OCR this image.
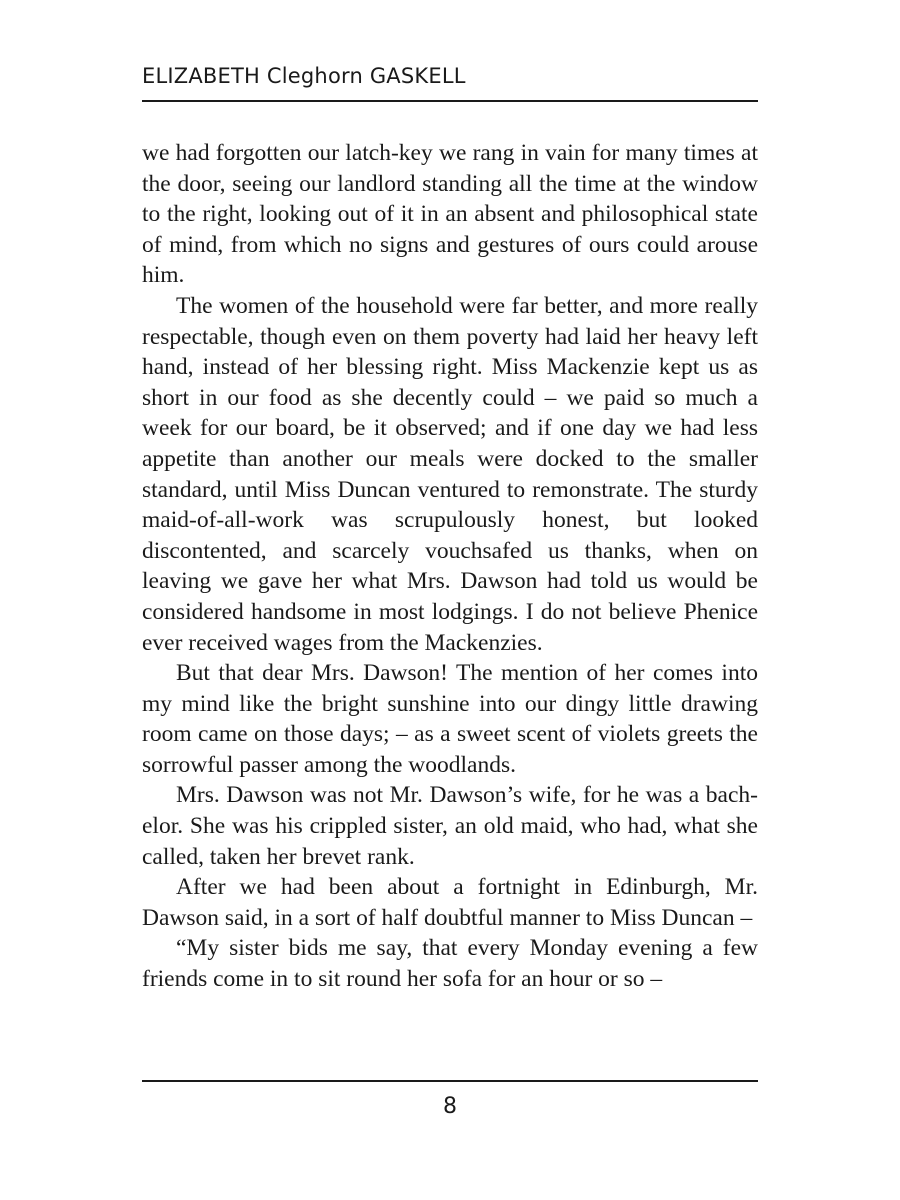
ELIZABETH Cleghorn GASKELL

we had forgotten our latch-key we rang in vain for many times at the door, seeing our landlord standing all the time at the window to the right, looking out of it in an absent and philosophical state of mind, from which no signs and gestures of ours could arouse him.

The women of the household were far better, and more really respectable, though even on them poverty had laid her heavy left hand, instead of her blessing right. Miss Mackenzie kept us as short in our food as she decently could – we paid so much a week for our board, be it observed; and if one day we had less appetite than another our meals were docked to the smaller standard, until Miss Duncan ventured to remonstrate. The sturdy maid-of-all-work was scrupulously honest, but looked discontented, and scarcely vouchsafed us thanks, when on leaving we gave her what Mrs. Dawson had told us would be considered handsome in most lodgings. I do not believe Phenice ever received wages from the Mackenzies.

But that dear Mrs. Dawson! The mention of her comes into my mind like the bright sunshine into our dingy little drawing room came on those days; – as a sweet scent of violets greets the sorrowful passer among the woodlands.

Mrs. Dawson was not Mr. Dawson’s wife, for he was a bachelor. She was his crippled sister, an old maid, who had, what she called, taken her brevet rank.

After we had been about a fortnight in Edinburgh, Mr. Dawson said, in a sort of half doubtful manner to Miss Duncan –

“My sister bids me say, that every Monday evening a few friends come in to sit round her sofa for an hour or so –

8
